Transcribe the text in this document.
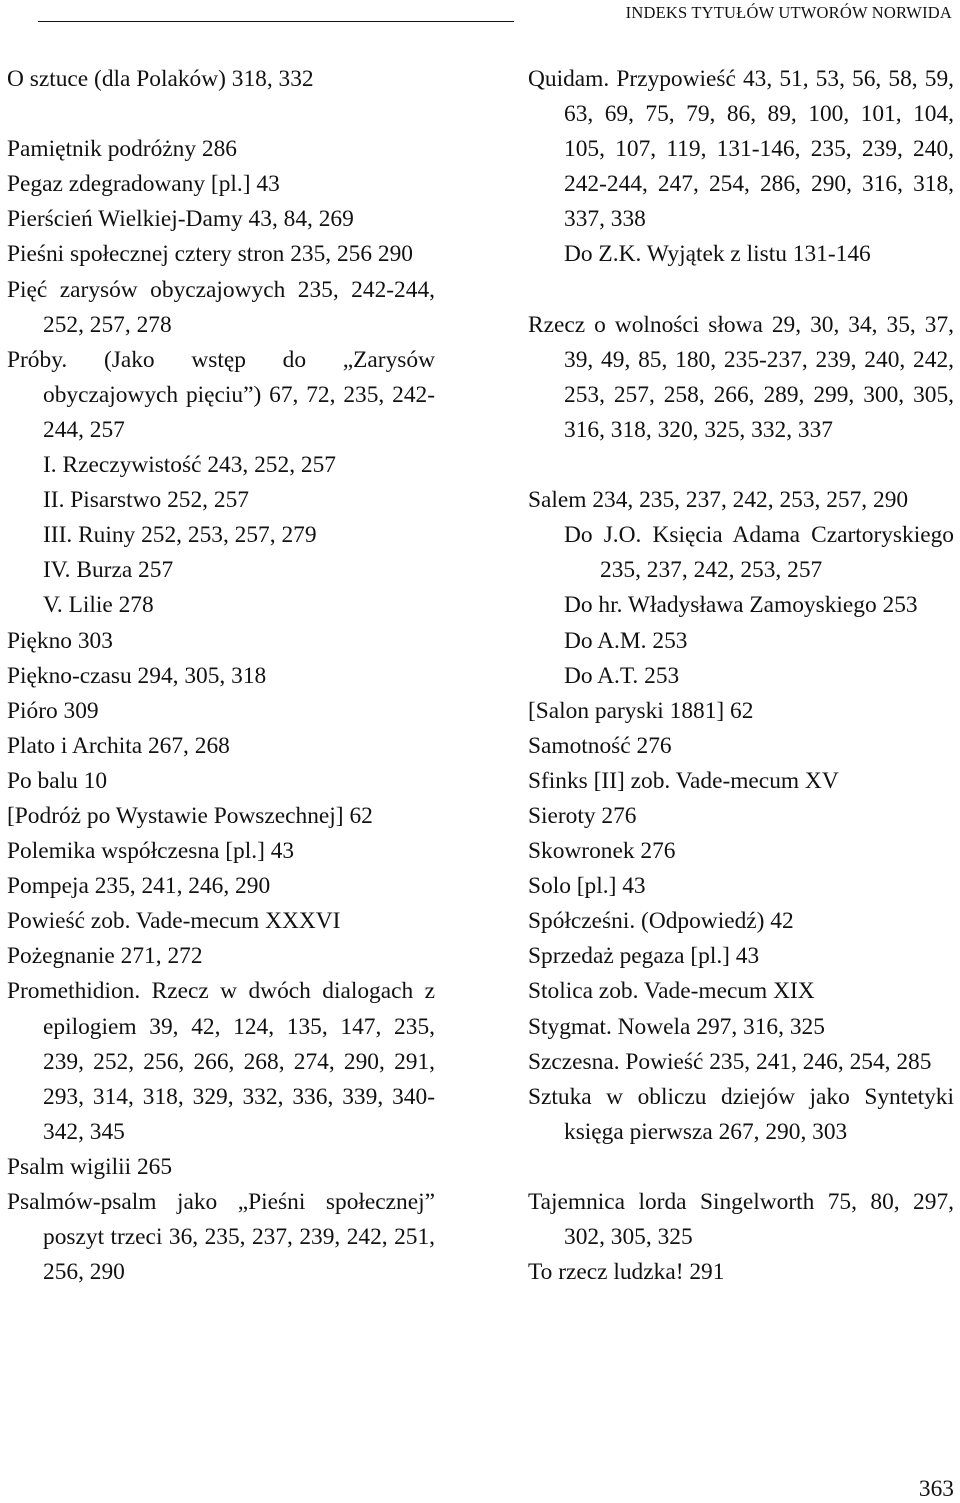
INDEKS TYTUŁÓW UTWORÓW NORWIDA
O sztuce (dla Polaków) 318, 332
Pamiętnik podróżny 286
Pegaz zdegradowany [pl.] 43
Pierścień Wielkiej-Damy 43, 84, 269
Pieśni społecznej cztery stron 235, 256 290
Pięć zarysów obyczajowych 235, 242-244, 252, 257, 278
Próby. (Jako wstęp do „Zarysów obyczajowych pięciu”) 67, 72, 235, 242-244, 257
I. Rzeczywistość 243, 252, 257
II. Pisarstwo 252, 257
III. Ruiny 252, 253, 257, 279
IV. Burza 257
V. Lilie 278
Piękno 303
Piękno-czasu 294, 305, 318
Pióro 309
Plato i Archita 267, 268
Po balu 10
[Podróż po Wystawie Powszechnej] 62
Polemika współczesna [pl.] 43
Pompeja 235, 241, 246, 290
Powieść zob. Vade-mecum XXXVI
Pożegnanie 271, 272
Promethidion. Rzecz w dwóch dialogach z epilogiem 39, 42, 124, 135, 147, 235, 239, 252, 256, 266, 268, 274, 290, 291, 293, 314, 318, 329, 332, 336, 339, 340-342, 345
Psalm wigilii 265
Psalmów-psalm jako „Pieśni społecznej” poszyt trzeci 36, 235, 237, 239, 242, 251, 256, 290
Quidam. Przypowieść 43, 51, 53, 56, 58, 59, 63, 69, 75, 79, 86, 89, 100, 101, 104, 105, 107, 119, 131-146, 235, 239, 240, 242-244, 247, 254, 286, 290, 316, 318, 337, 338
Do Z.K. Wyjątek z listu 131-146
Rzecz o wolności słowa 29, 30, 34, 35, 37, 39, 49, 85, 180, 235-237, 239, 240, 242, 253, 257, 258, 266, 289, 299, 300, 305, 316, 318, 320, 325, 332, 337
Salem 234, 235, 237, 242, 253, 257, 290
Do J.O. Księcia Adama Czartoryskiego 235, 237, 242, 253, 257
Do hr. Władysława Zamoyskiego 253
Do A.M. 253
Do A.T. 253
[Salon paryski 1881] 62
Samotność 276
Sfinks [II] zob. Vade-mecum XV
Sieroty 276
Skowronek 276
Solo [pl.] 43
Spółcześni. (Odpowiedź) 42
Sprzedaż pegaza [pl.] 43
Stolica zob. Vade-mecum XIX
Stygmat. Nowela 297, 316, 325
Szczesna. Powieść 235, 241, 246, 254, 285
Sztuka w obliczu dziejów jako Syntetyki księga pierwsza 267, 290, 303
Tajemnica lorda Singelworth 75, 80, 297, 302, 305, 325
To rzecz ludzka! 291
363
